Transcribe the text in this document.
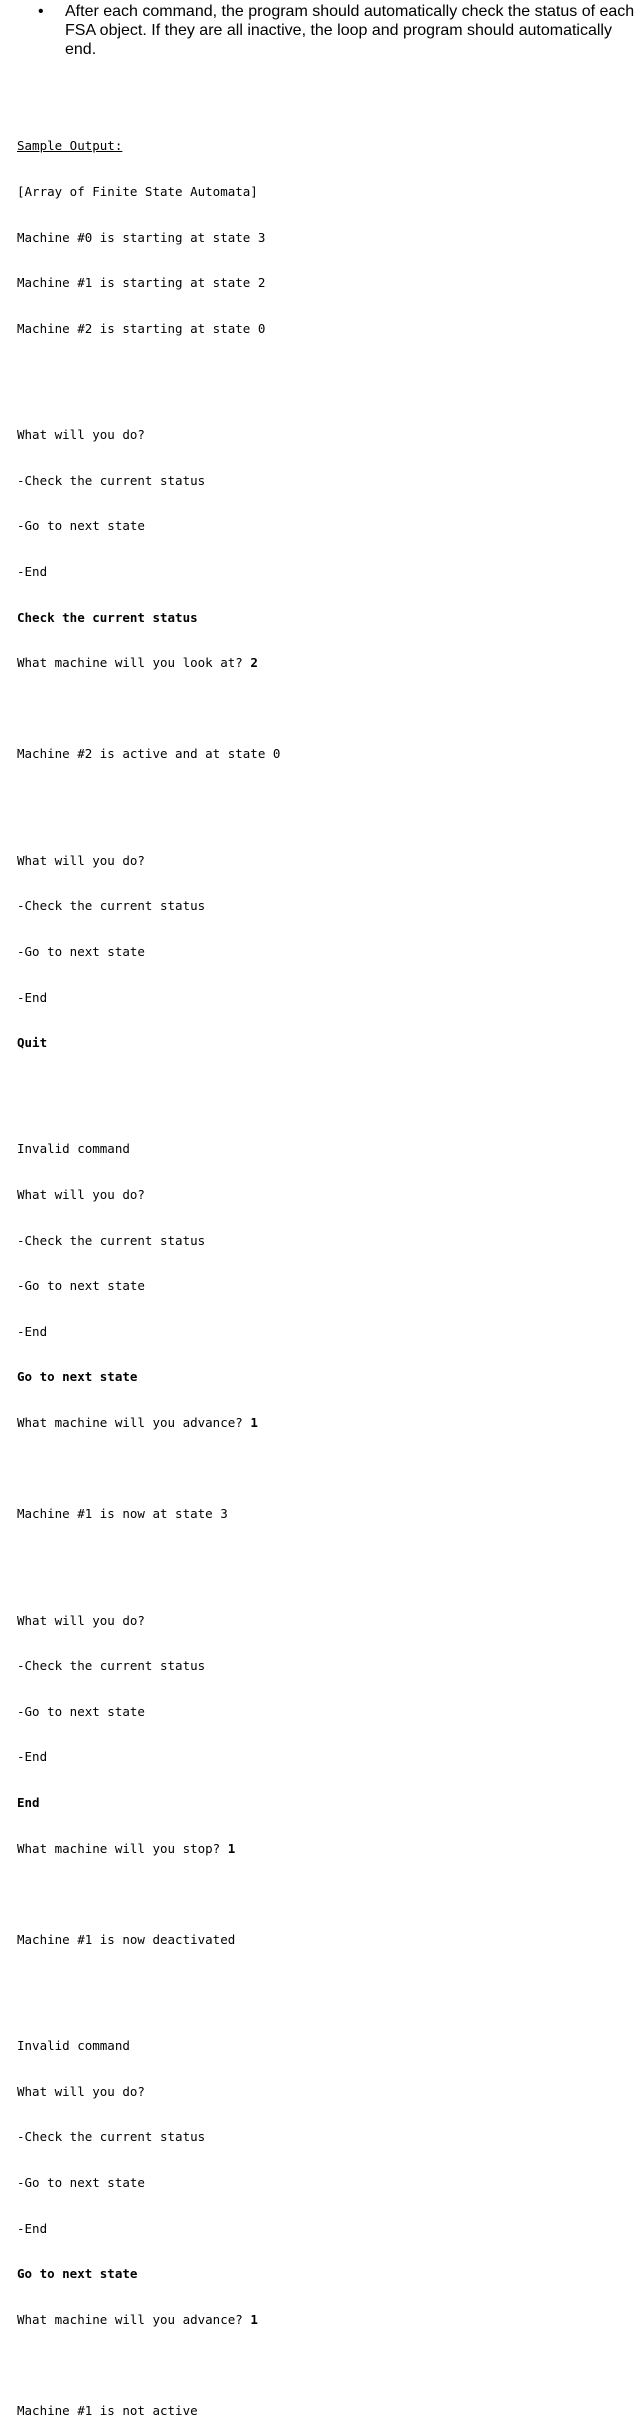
•	After each command, the program should automatically check the status of each FSA object. If they are all inactive, the loop and program should automatically end.

Sample Output:

[Array of Finite State Automata]

Machine #0 is starting at state 3

Machine #1 is starting at state 2

Machine #2 is starting at state 0

What will you do?

-Check the current status

-Go to next state

-End

Check the current status

What machine will you look at? 2

Machine #2 is active and at state 0

What will you do?

-Check the current status

-Go to next state

-End

Quit

Invalid command

What will you do?

-Check the current status

-Go to next state

-End

Go to next state

What machine will you advance? 1

Machine #1 is now at state 3

What will you do?

-Check the current status

-Go to next state

-End

End

What machine will you stop? 1

Machine #1 is now deactivated

Invalid command

What will you do?

-Check the current status

-Go to next state

-End

Go to next state

What machine will you advance? 1

Machine #1 is not active
